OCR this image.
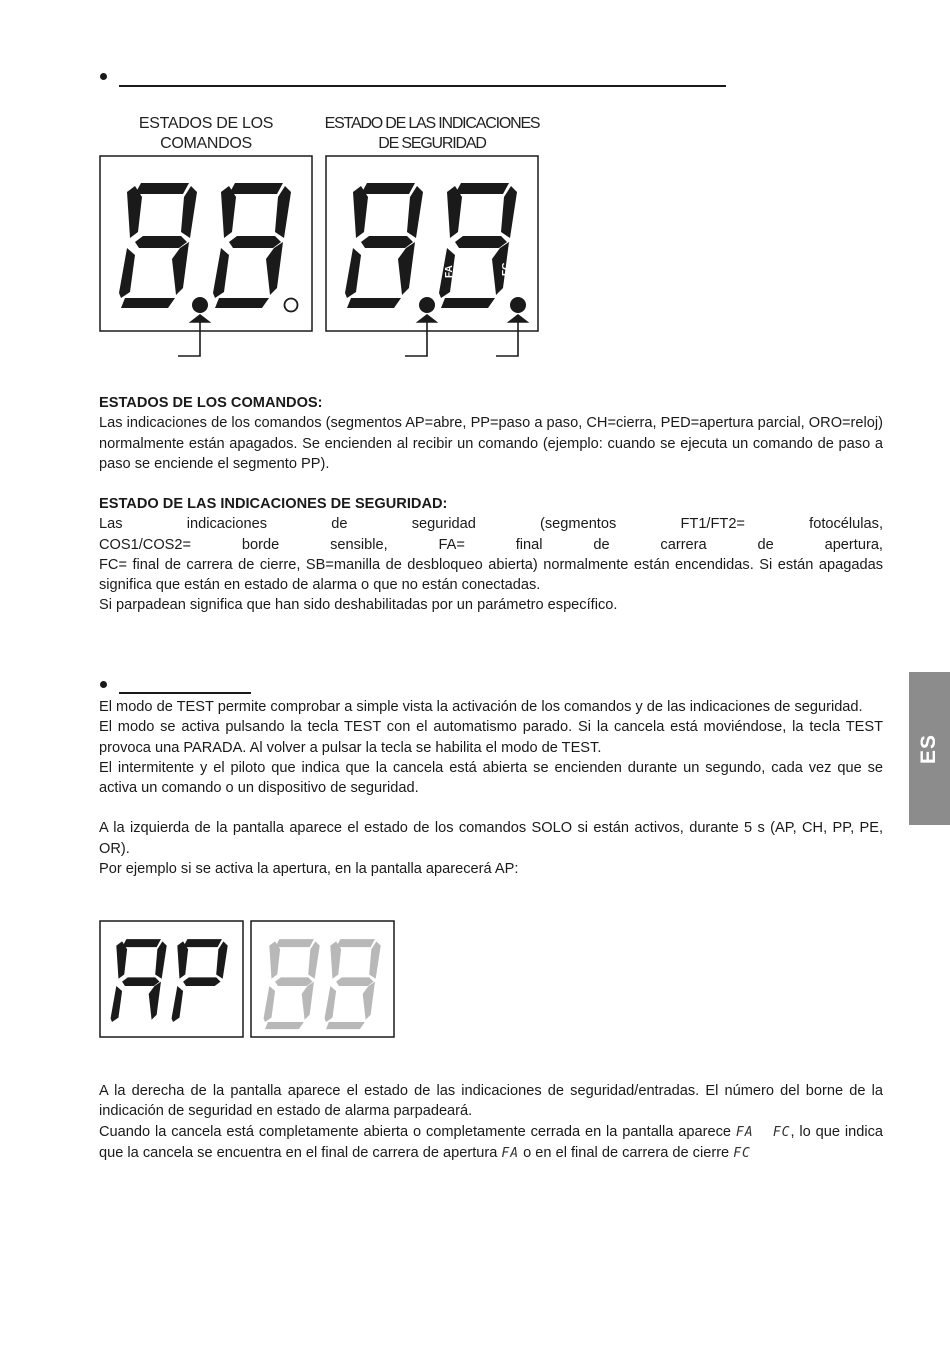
ESTADOS DE LOS
COMANDOS
ESTADO DE LAS INDICACIONES
DE SEGURIDAD
FA	FC

ESTADOS DE LOS COMANDOS:

Las indicaciones de los comandos (segmentos AP=abre, PP=paso a paso, CH=cierra, PED=apertura parcial, ORO=reloj) normalmente están apagados. Se encienden al recibir un comando (ejemplo: cuando se ejecuta un comando de paso a paso se enciende el segmento PP).

ESTADO DE LAS INDICACIONES DE SEGURIDAD:

Las indicaciones de seguridad (segmentos FT1/FT2= fotocélulas,

COS1/COS2= borde sensible, FA= final de carrera de apertura,

FC= final de carrera de cierre, SB=manilla de desbloqueo abierta) normalmente están encendidas. Si están apagadas significa que están en estado de alarma o que no están conectadas.

Si parpadean significa que han sido deshabilitadas por un parámetro específico.

El modo de TEST permite comprobar a simple vista la activación de los comandos y de las indicaciones de seguridad.

El modo se activa pulsando la tecla TEST con el automatismo parado. Si la cancela está moviéndose, la tecla TEST provoca una PARADA. Al volver a pulsar la tecla se habilita el modo de TEST.

El intermitente y el piloto que indica que la cancela está abierta se encienden durante un segundo, cada vez que se activa un comando o un dispositivo de seguridad.

A la izquierda de la pantalla aparece el estado de los comandos SOLO si están activos, durante 5 s (AP, CH, PP, PE, OR).

Por ejemplo si se activa la apertura, en la pantalla aparecerá AP:

A la derecha de la pantalla aparece el estado de las indicaciones de seguridad/entradas. El número del borne de la indicación de seguridad en estado de alarma parpadeará.

Cuando la cancela está completamente abierta o completamente cerrada en la pantalla aparece FA  FC, lo que indica que la cancela se encuentra en el final de carrera de apertura FA o en el final de carrera de cierre FC

ES
